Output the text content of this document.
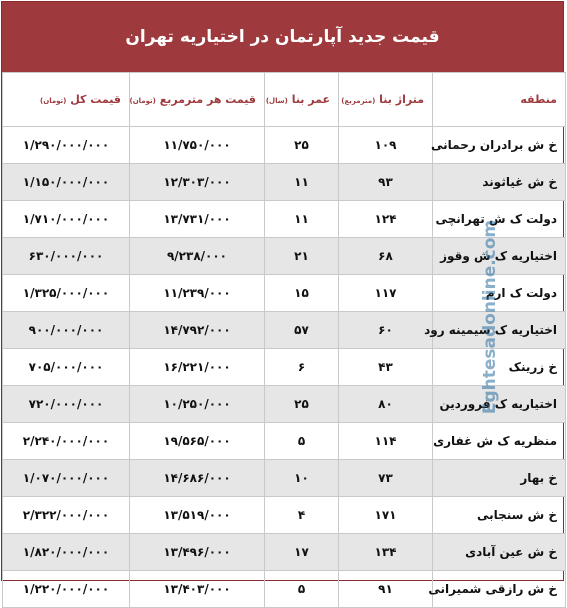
قیمت جدید آپارتمان در اختیاریه تهران
منطقه	متراژ بنا (مترمربع)	عمر بنا (سال)	قیمت هر مترمربع (تومان)	قیمت کل (تومان)
خ ش برادران رحمانی	۱۰۹	۲۵	۱۱/۷۵۰/۰۰۰	۱/۲۹۰/۰۰۰/۰۰۰
خ ش غیاثوند	۹۳	۱۱	۱۲/۳۰۳/۰۰۰	۱/۱۵۰/۰۰۰/۰۰۰
دولت ک ش تهرانچی	۱۲۴	۱۱	۱۳/۷۳۱/۰۰۰	۱/۷۱۰/۰۰۰/۰۰۰
اختیاریه ک ش وقوز	۶۸	۲۱	۹/۲۳۸/۰۰۰	۶۳۰/۰۰۰/۰۰۰
دولت ک ارم	۱۱۷	۱۵	۱۱/۲۳۹/۰۰۰	۱/۳۲۵/۰۰۰/۰۰۰
اختیاریه ک سیمینه رود	۶۰	۵۷	۱۴/۷۹۲/۰۰۰	۹۰۰/۰۰۰/۰۰۰
خ زرینک	۴۳	۶	۱۶/۲۲۱/۰۰۰	۷۰۵/۰۰۰/۰۰۰
اختیاریه ک فروردین	۸۰	۲۵	۱۰/۲۵۰/۰۰۰	۷۲۰/۰۰۰/۰۰۰
منظریه ک ش غفاری	۱۱۴	۵	۱۹/۵۶۵/۰۰۰	۲/۲۴۰/۰۰۰/۰۰۰
خ بهار	۷۳	۱۰	۱۴/۶۸۶/۰۰۰	۱/۰۷۰/۰۰۰/۰۰۰
خ ش سنجابی	۱۷۱	۴	۱۳/۵۱۹/۰۰۰	۲/۳۲۲/۰۰۰/۰۰۰
خ ش عین آبادی	۱۳۴	۱۷	۱۳/۴۹۶/۰۰۰	۱/۸۲۰/۰۰۰/۰۰۰
خ ش رازقی شمیرانی	۹۱	۵	۱۳/۴۰۳/۰۰۰	۱/۲۲۰/۰۰۰/۰۰۰
Eghtesadonline.com
